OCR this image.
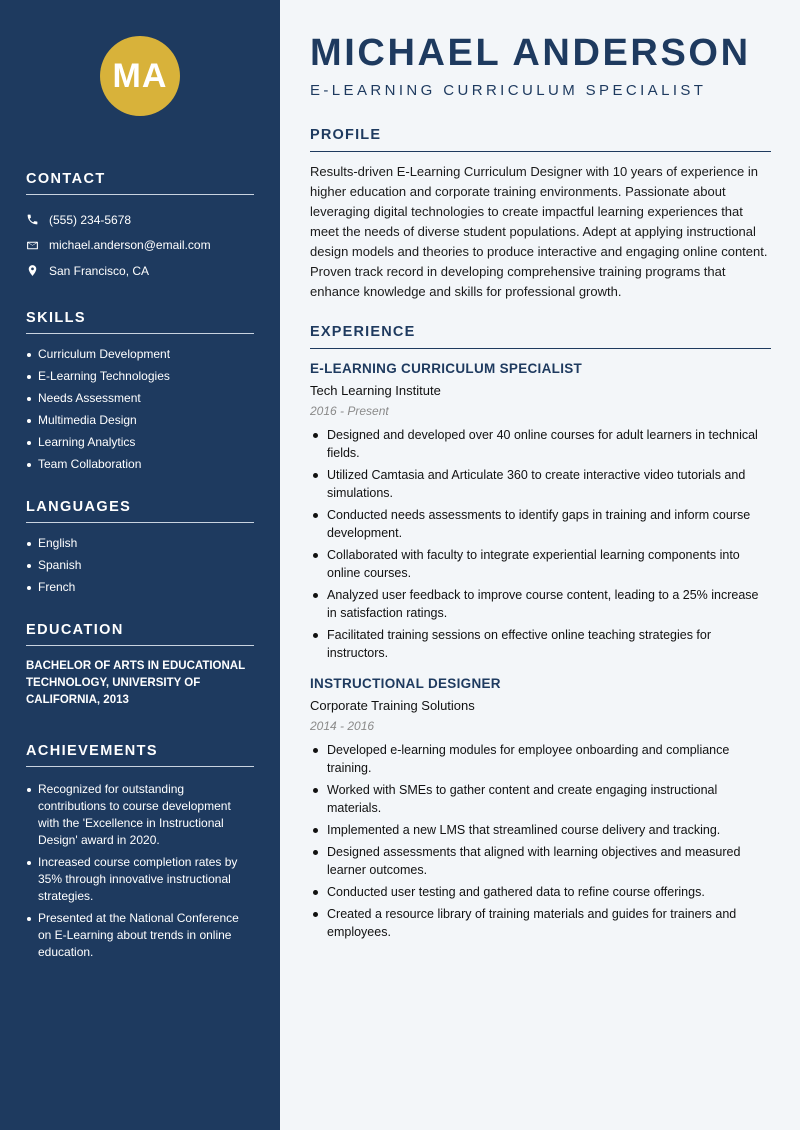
MA
CONTACT
(555) 234-5678
michael.anderson@email.com
San Francisco, CA
SKILLS
Curriculum Development
E-Learning Technologies
Needs Assessment
Multimedia Design
Learning Analytics
Team Collaboration
LANGUAGES
English
Spanish
French
EDUCATION
BACHELOR OF ARTS IN EDUCATIONAL TECHNOLOGY, UNIVERSITY OF CALIFORNIA, 2013
ACHIEVEMENTS
Recognized for outstanding contributions to course development with the 'Excellence in Instructional Design' award in 2020.
Increased course completion rates by 35% through innovative instructional strategies.
Presented at the National Conference on E-Learning about trends in online education.
MICHAEL ANDERSON
E-LEARNING CURRICULUM SPECIALIST
PROFILE

Results-driven E-Learning Curriculum Designer with 10 years of experience in higher education and corporate training environments. Passionate about leveraging digital technologies to create impactful learning experiences that meet the needs of diverse student populations. Adept at applying instructional design models and theories to produce interactive and engaging online content. Proven track record in developing comprehensive training programs that enhance knowledge and skills for professional growth.

EXPERIENCE
E-LEARNING CURRICULUM SPECIALIST
Tech Learning Institute
2016 - Present
Designed and developed over 40 online courses for adult learners in technical fields.
Utilized Camtasia and Articulate 360 to create interactive video tutorials and simulations.
Conducted needs assessments to identify gaps in training and inform course development.
Collaborated with faculty to integrate experiential learning components into online courses.
Analyzed user feedback to improve course content, leading to a 25% increase in satisfaction ratings.
Facilitated training sessions on effective online teaching strategies for instructors.
INSTRUCTIONAL DESIGNER
Corporate Training Solutions
2014 - 2016
Developed e-learning modules for employee onboarding and compliance training.
Worked with SMEs to gather content and create engaging instructional materials.
Implemented a new LMS that streamlined course delivery and tracking.
Designed assessments that aligned with learning objectives and measured learner outcomes.
Conducted user testing and gathered data to refine course offerings.
Created a resource library of training materials and guides for trainers and employees.
